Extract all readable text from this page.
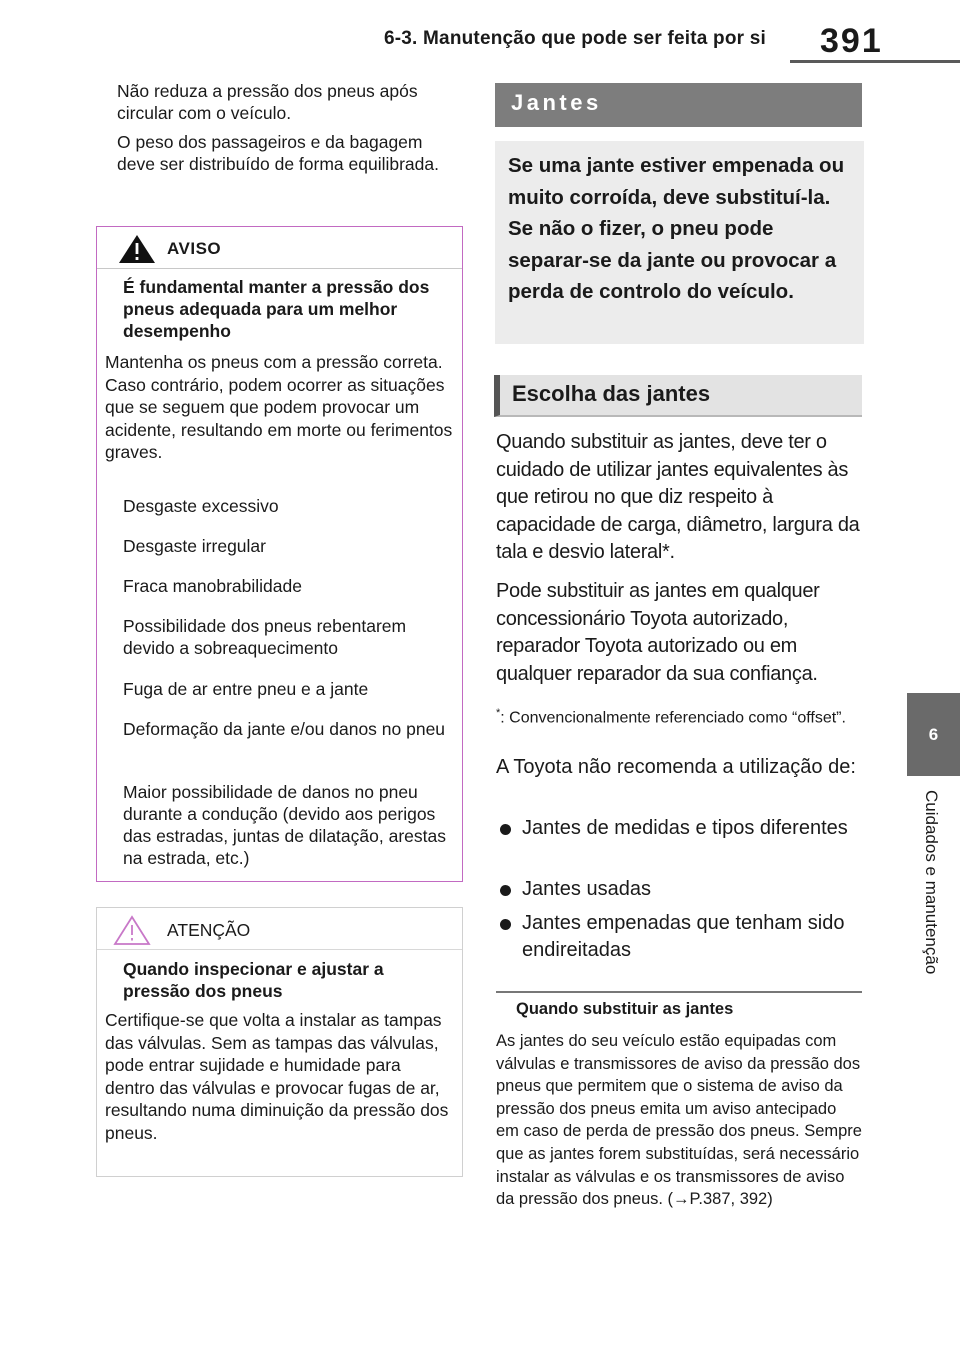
6-3. Manutenção que pode ser feita por si 391
6
Cuidados e manutenção
Não reduza a pressão dos pneus após circular com o veículo.
O peso dos passageiros e da bagagem deve ser distribuído de forma equilibrada.
AVISO
É fundamental manter a pressão dos pneus adequada para um melhor desempenho
Mantenha os pneus com a pressão correta. Caso contrário, podem ocorrer as situações que se seguem que podem provocar um acidente, resultando em morte ou ferimentos graves.
Desgaste excessivo
Desgaste irregular
Fraca manobrabilidade
Possibilidade dos pneus rebentarem devido a sobreaquecimento
Fuga de ar entre pneu e a jante
Deformação da jante e/ou danos no pneu
Maior possibilidade de danos no pneu durante a condução (devido aos perigos das estradas, juntas de dilatação, arestas na estrada, etc.)
ATENÇÃO
Quando inspecionar e ajustar a pressão dos pneus
Certifique-se que volta a instalar as tampas das válvulas. Sem as tampas das válvulas, pode entrar sujidade e humidade para dentro das válvulas e provocar fugas de ar, resultando numa diminuição da pressão dos pneus.
Jantes
Se uma jante estiver empenada ou muito corroída, deve substituí-la. Se não o fizer, o pneu pode separar-se da jante ou provocar a perda de controlo do veículo.
Escolha das jantes
Quando substituir as jantes, deve ter o cuidado de utilizar jantes equivalentes às que retirou no que diz respeito à capacidade de carga, diâmetro, largura da tala e desvio lateral*.
Pode substituir as jantes em qualquer concessionário Toyota autorizado, reparador Toyota autorizado ou em qualquer reparador da sua confiança.
*: Convencionalmente referenciado como “offset”.
A Toyota não recomenda a utilização de:
Jantes de medidas e tipos diferentes
Jantes usadas
Jantes empenadas que tenham sido endireitadas
Quando substituir as jantes
As jantes do seu veículo estão equipadas com válvulas e transmissores de aviso da pressão dos pneus que permitem que o sistema de aviso da pressão dos pneus emita um aviso antecipado em caso de perda de pressão dos pneus. Sempre que as jantes forem substituídas, será necessário instalar as válvulas e os transmissores de aviso da pressão dos pneus. (→P.387, 392)
